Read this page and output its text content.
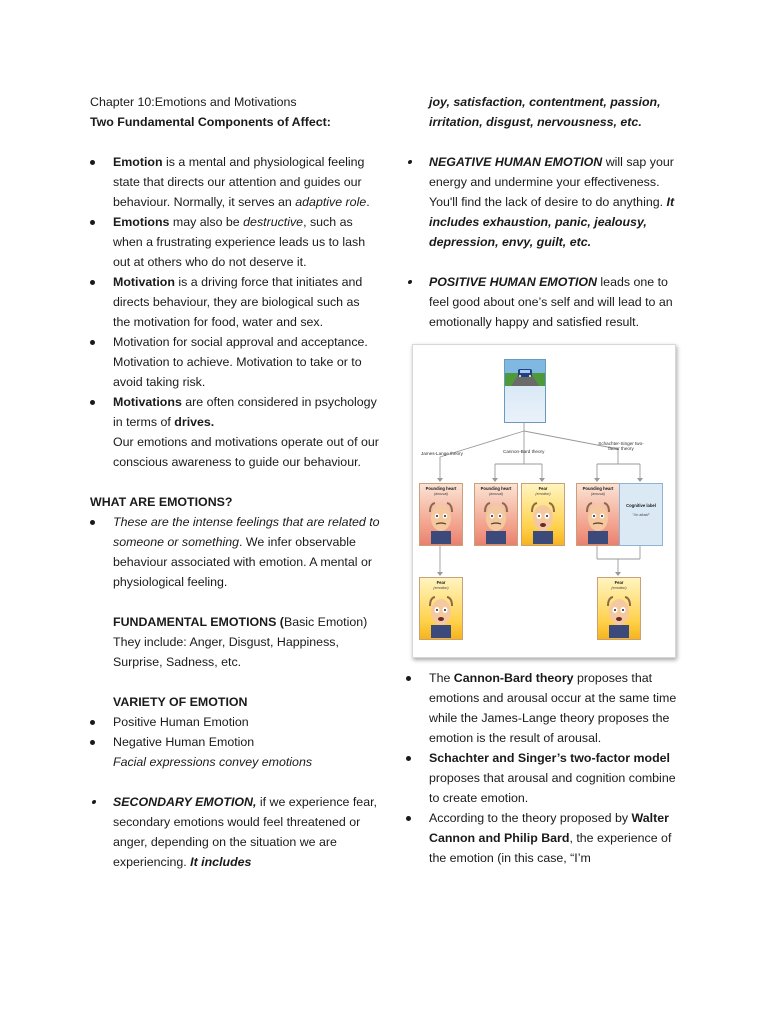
Chapter 10:Emotions and Motivations

Two Fundamental Components of Affect:

Emotion is a mental and physiological feeling state that directs our attention and guides our behaviour. Normally, it serves an adaptive role.
Emotions may also be destructive, such as when a frustrating experience leads us to lash out at others who do not deserve it.
Motivation is a driving force that initiates and directs behaviour, they are biological such as the motivation for food, water and sex.
Motivation for social approval and acceptance. Motivation to achieve. Motivation to take or to avoid taking risk.
Motivations are often considered in psychology in terms of drives.
Our emotions and motivations operate out of our conscious awareness to guide our behaviour.

WHAT ARE EMOTIONS?

These are the intense feelings that are related to someone or something. We infer observable behaviour associated with emotion. A mental or physiological feeling.

FUNDAMENTAL EMOTIONS (Basic Emotion)

They include: Anger, Disgust, Happiness, Surprise, Sadness, etc.

VARIETY OF EMOTION

Positive Human Emotion
Negative Human Emotion
Facial expressions convey emotions
SECONDARY EMOTION, if we experience fear, secondary emotions would feel threatened or anger, depending on the situation we are experiencing. It includes

joy, satisfaction, contentment, passion, irritation, disgust, nervousness, etc.

NEGATIVE HUMAN EMOTION will sap your energy and undermine your effectiveness. You'll find the lack of desire to do anything. It includes exhaustion, panic, jealousy, depression, envy, guilt, etc.
POSITIVE HUMAN EMOTION leads one to feel good about one’s self and will lead to an emotionally happy and satisfied result.
James-Lange theory	Cannon-Bard theory
Schachter-Singer two-factor theory
Pounding heart
(arousal)
Pounding heart
(arousal)
Fear
(emotion)
Pounding heart
(arousal)
Cognitive label
"I'm afraid"
Fear
(emotion)
Fear
(emotion)
The Cannon-Bard theory proposes that emotions and arousal occur at the same time while the James-Lange theory proposes the emotion is the result of arousal.
Schachter and Singer’s two-factor model proposes that arousal and cognition combine to create emotion.
According to the theory proposed by Walter Cannon and Philip Bard, the experience of the emotion (in this case, “I’m
